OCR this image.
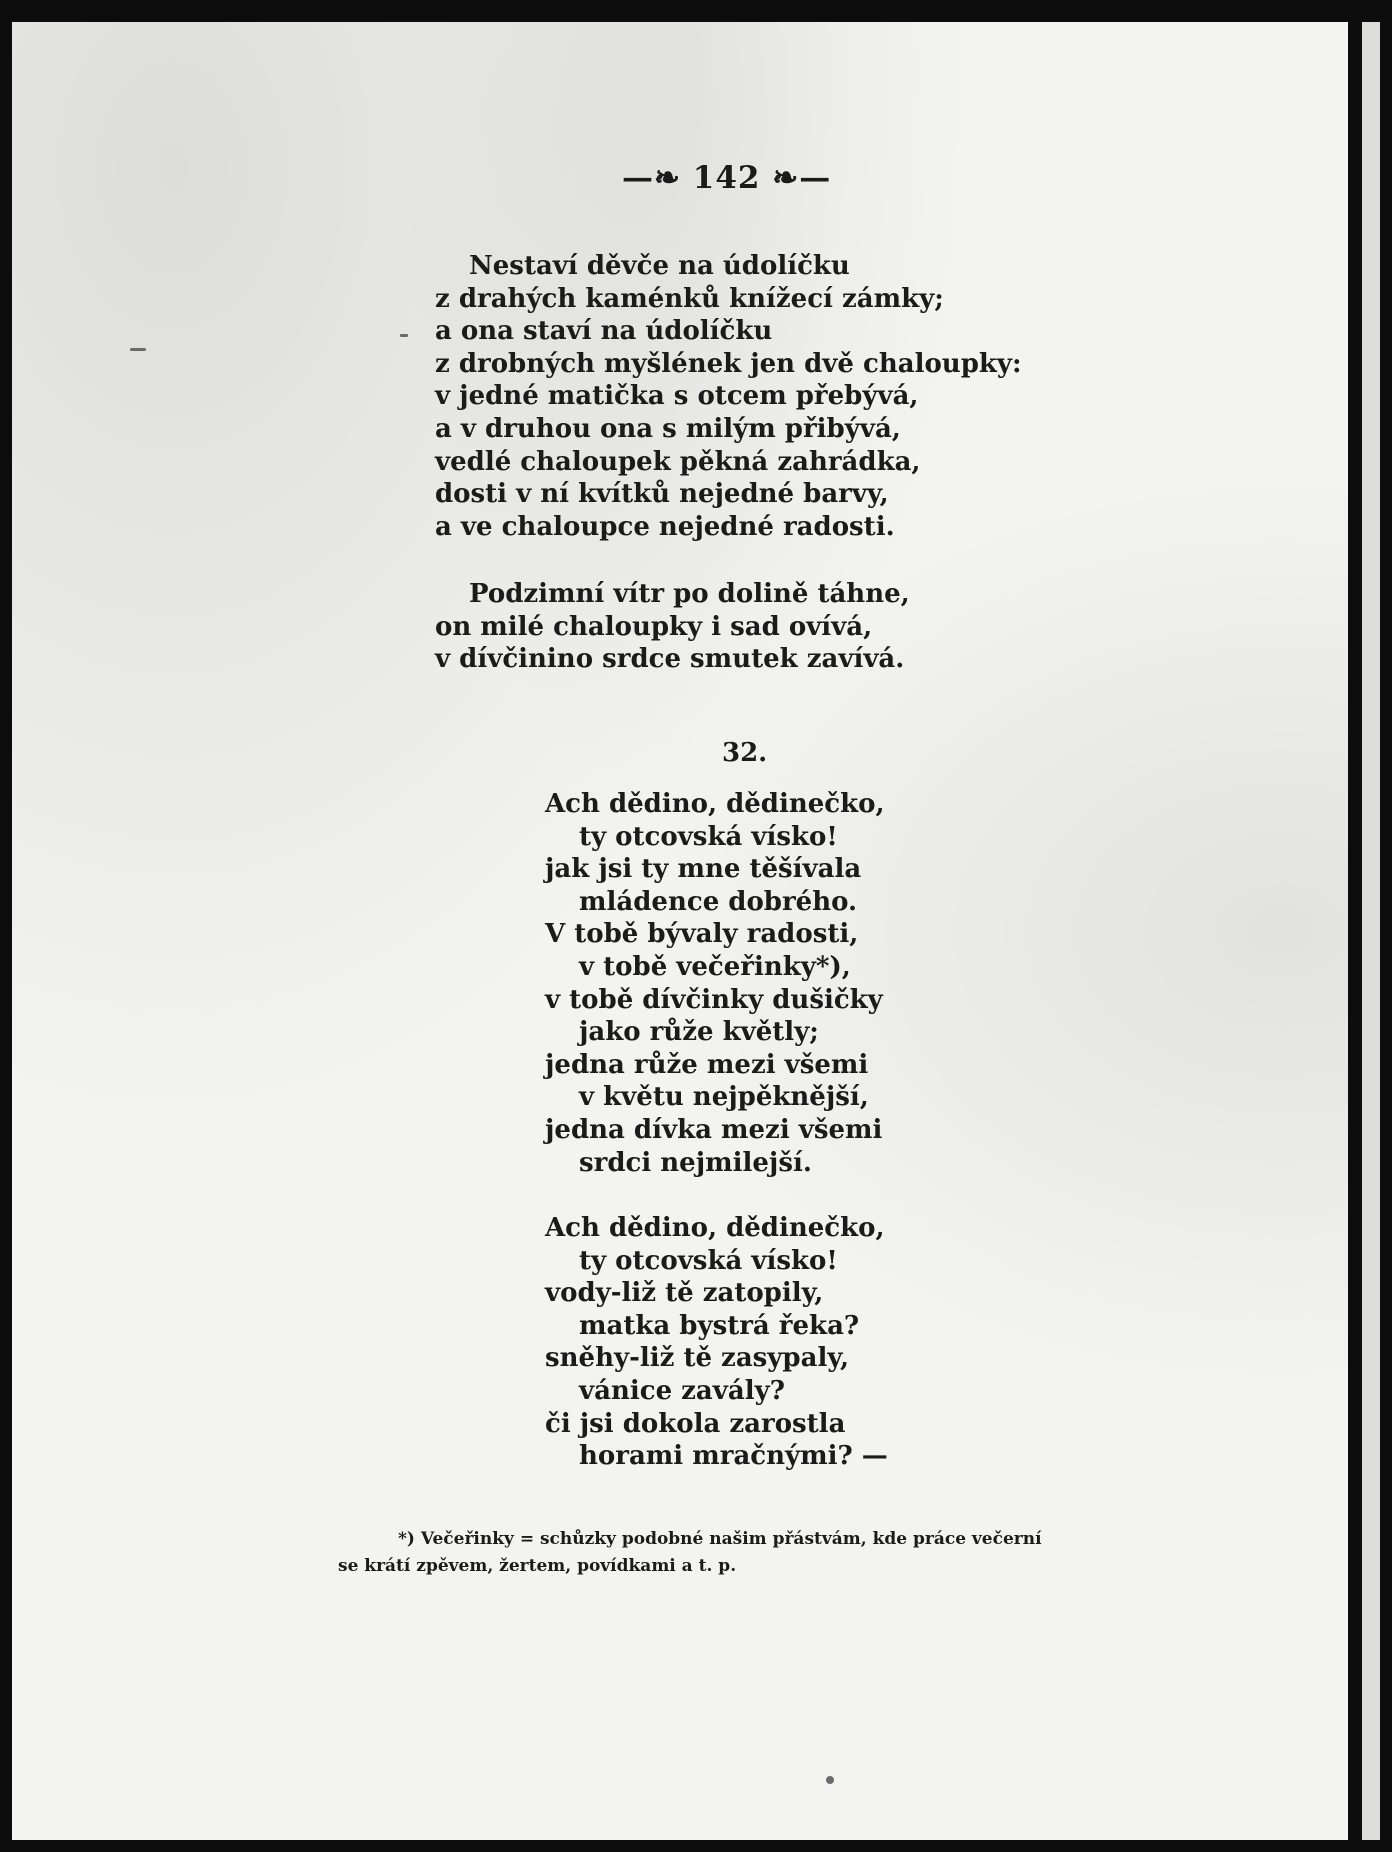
—❧ 142 ❧—
Nestaví děvče na údolíčku
z drahých kaménků knížecí zámky;
a ona staví na údolíčku
z drobných myšlének jen dvě chaloupky:
v jedné matička s otcem přebývá,
a v druhou ona s milým přibývá,
vedlé chaloupek pěkná zahrádka,
dosti v ní kvítků nejedné barvy,
a ve chaloupce nejedné radosti.
Podzimní vítr po dolině táhne,
on milé chaloupky i sad ovívá,
v dívčinino srdce smutek zavívá.
32.
Ach dědino, dědinečko,
ty otcovská vísko!
jak jsi ty mne těšívala
mládence dobrého.
V tobě bývaly radosti,
v tobě večeřinky*),
v tobě dívčinky dušičky
jako růže květly;
jedna růže mezi všemi
v květu nejpěknější,
jedna dívka mezi všemi
srdci nejmilejší.
Ach dědino, dědinečko,
ty otcovská vísko!
vody-liž tě zatopily,
matka bystrá řeka?
sněhy-liž tě zasypaly,
vánice zavály?
či jsi dokola zarostla
horami mračnými? —
*) Večeřinky = schůzky podobné našim přástvám, kde práce večerní
se krátí zpěvem, žertem, povídkami a t. p.
